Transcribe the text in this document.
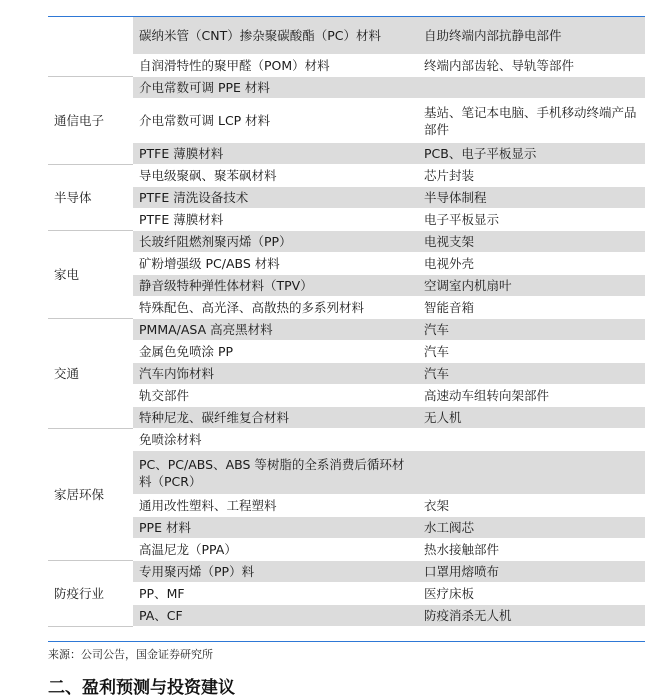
	碳纳米管（CNT）掺杂聚碳酸酯（PC）材料	自助终端内部抗静电部件
	自润滑特性的聚甲醛（POM）材料	终端内部齿轮、导轨等部件
通信电子	介电常数可调 PPE 材料	
	介电常数可调 LCP 材料	基站、笔记本电脑、手机移动终端产品部件
	PTFE 薄膜材料	PCB、电子平板显示
半导体	导电级聚砜、聚苯砜材料	芯片封装
	PTFE 清洗设备技术	半导体制程
	PTFE 薄膜材料	电子平板显示
家电	长玻纤阻燃剂聚丙烯（PP）	电视支架
	矿粉增强级 PC/ABS 材料	电视外壳
	静音级特种弹性体材料（TPV）	空调室内机扇叶
	特殊配色、高光泽、高散热的多系列材料	智能音箱
交通	PMMA/ASA 高亮黑材料	汽车
	金属色免喷涂 PP	汽车
	汽车内饰材料	汽车
	轨交部件	高速动车组转向架部件
	特种尼龙、碳纤维复合材料	无人机
家居环保	免喷涂材料	
	PC、PC/ABS、ABS 等树脂的全系消费后循环材料（PCR）	
	通用改性塑料、工程塑料	衣架
	PPE 材料	水工阀芯
	高温尼龙（PPA）	热水接触部件
防疫行业	专用聚丙烯（PP）料	口罩用熔喷布
	PP、MF	医疗床板
	PA、CF	防疫消杀无人机
来源：公司公告，国金证券研究所
二、盈利预测与投资建议
